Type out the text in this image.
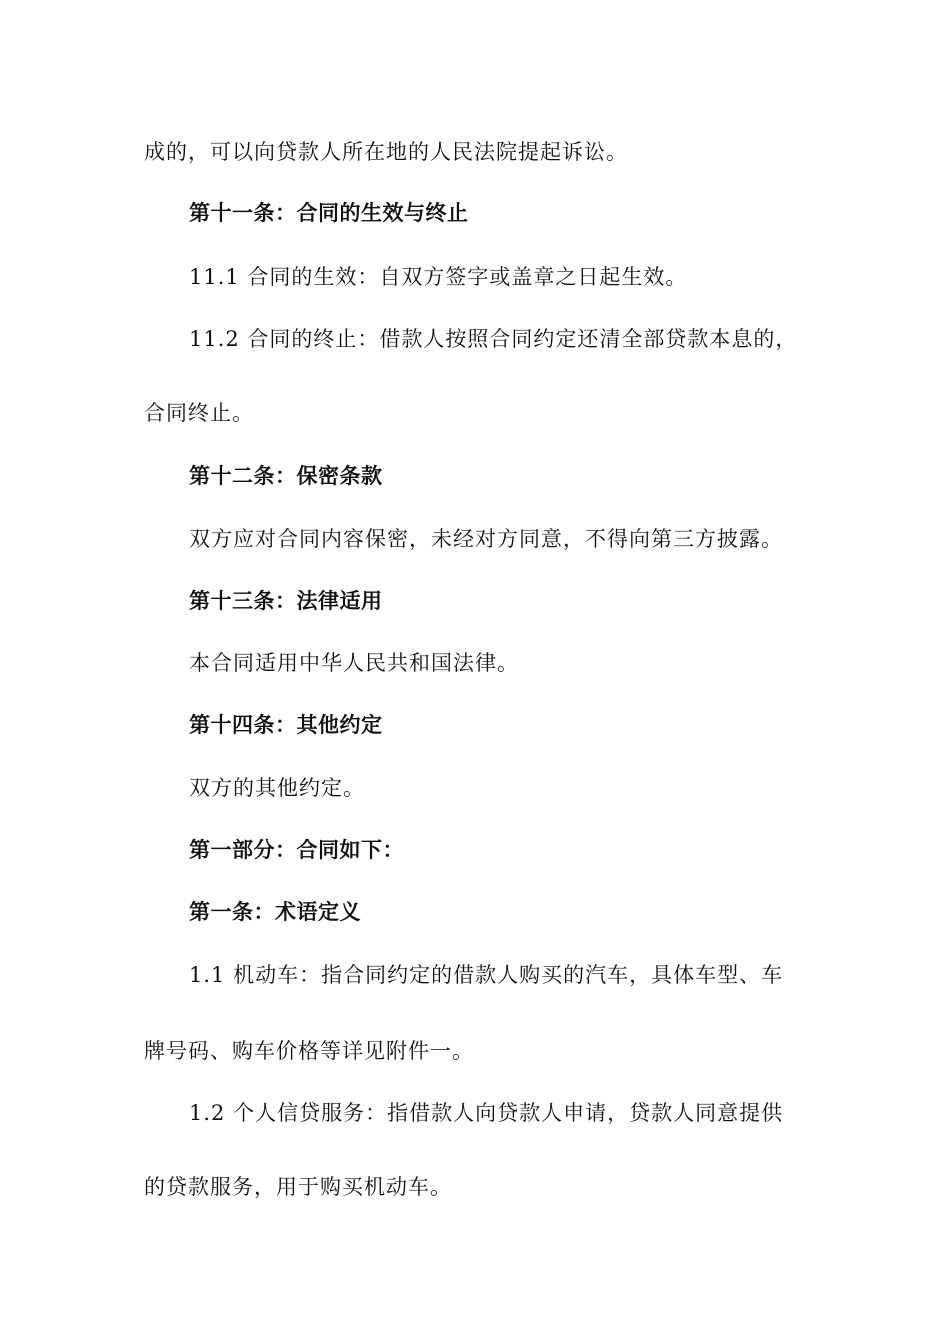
成的，可以向贷款人所在地的人民法院提起诉讼。
第十一条：合同的生效与终止
11.1 合同的生效：自双方签字或盖章之日起生效。
11.2 合同的终止：借款人按照合同约定还清全部贷款本息的，
合同终止。
第十二条：保密条款
双方应对合同内容保密，未经对方同意，不得向第三方披露。
第十三条：法律适用
本合同适用中华人民共和国法律。
第十四条：其他约定
双方的其他约定。
第一部分：合同如下：
第一条：术语定义
1.1 机动车：指合同约定的借款人购买的汽车，具体车型、车
牌号码、购车价格等详见附件一。
1.2 个人信贷服务：指借款人向贷款人申请，贷款人同意提供
的贷款服务，用于购买机动车。
